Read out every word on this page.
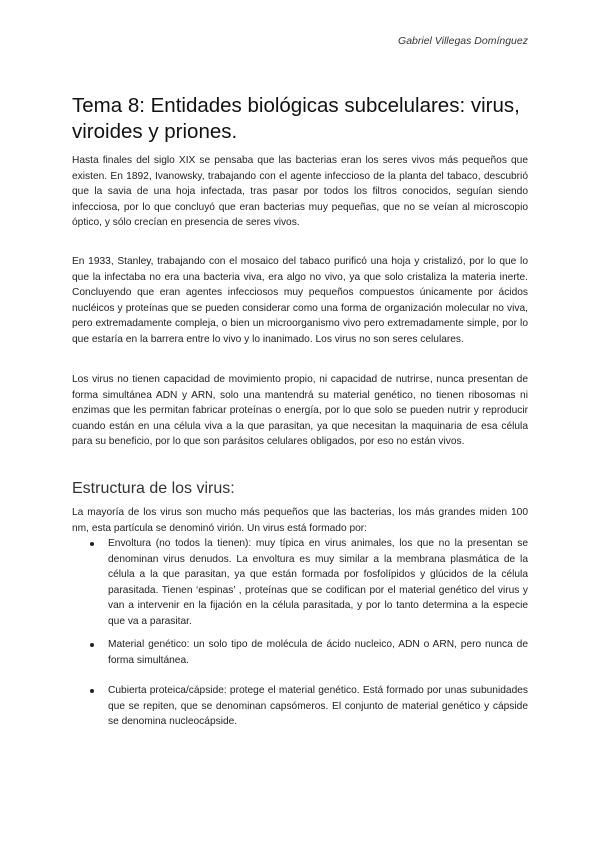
Gabriel Villegas Domínguez
Tema 8: Entidades biológicas subcelulares: virus, viroides y priones.

Hasta finales del siglo XIX se pensaba que las bacterias eran los seres vivos más pequeños que existen. En 1892, Ivanowsky, trabajando con el agente infeccioso de la planta del tabaco, descubrió que la savia de una hoja infectada, tras pasar por todos los filtros conocidos, seguían siendo infecciosa, por lo que concluyó que eran bacterias muy pequeñas, que no se veían al microscopio óptico, y sólo crecían en presencia de seres vivos.

En 1933, Stanley, trabajando con el mosaico del tabaco purificó una hoja y cristalizó, por lo que lo que la infectaba no era una bacteria viva, era algo no vivo, ya que solo cristaliza la materia inerte. Concluyendo que eran agentes infecciosos muy pequeños compuestos únicamente por ácidos nucléicos y proteínas que se pueden considerar como una forma de organización molecular no viva, pero extremadamente compleja, o bien un microorganismo vivo pero extremadamente simple, por lo que estaría en la barrera entre lo vivo y lo inanimado. Los virus no son seres celulares.

Los virus no tienen capacidad de movimiento propio, ni capacidad de nutrirse, nunca presentan de forma simultánea ADN y ARN, solo una mantendrá su material genético, no tienen ribosomas ni enzimas que les permitan fabricar proteínas o energía, por lo que solo se pueden nutrir y reproducir cuando están en una célula viva a la que parasitan, ya que necesitan la maquinaria de esa célula para su beneficio, por lo que son parásitos celulares obligados, por eso no están vivos.

Estructura de los virus:

La mayoría de los virus son mucho más pequeños que las bacterias, los más grandes miden 100 nm, esta partícula se denominó virión. Un virus está formado por:

Envoltura (no todos la tienen): muy típica en virus animales, los que no la presentan se denominan virus denudos. La envoltura es muy similar a la membrana plasmática de la célula a la que parasitan, ya que están formada por fosfolípidos y glúcidos de la célula parasitada. Tienen ‘espinas’ , proteínas que se codifican por el material genético del virus y van a intervenir en la fijación en la célula parasitada, y por lo tanto determina a la especie que va a parasitar.
Material genético: un solo tipo de molécula de ácido nucleico, ADN o ARN, pero nunca de forma simultánea.
Cubierta proteica/cápside: protege el material genético. Está formado por unas subunidades que se repiten, que se denominan capsómeros. El conjunto de material genético y cápside se denomina nucleocápside.
